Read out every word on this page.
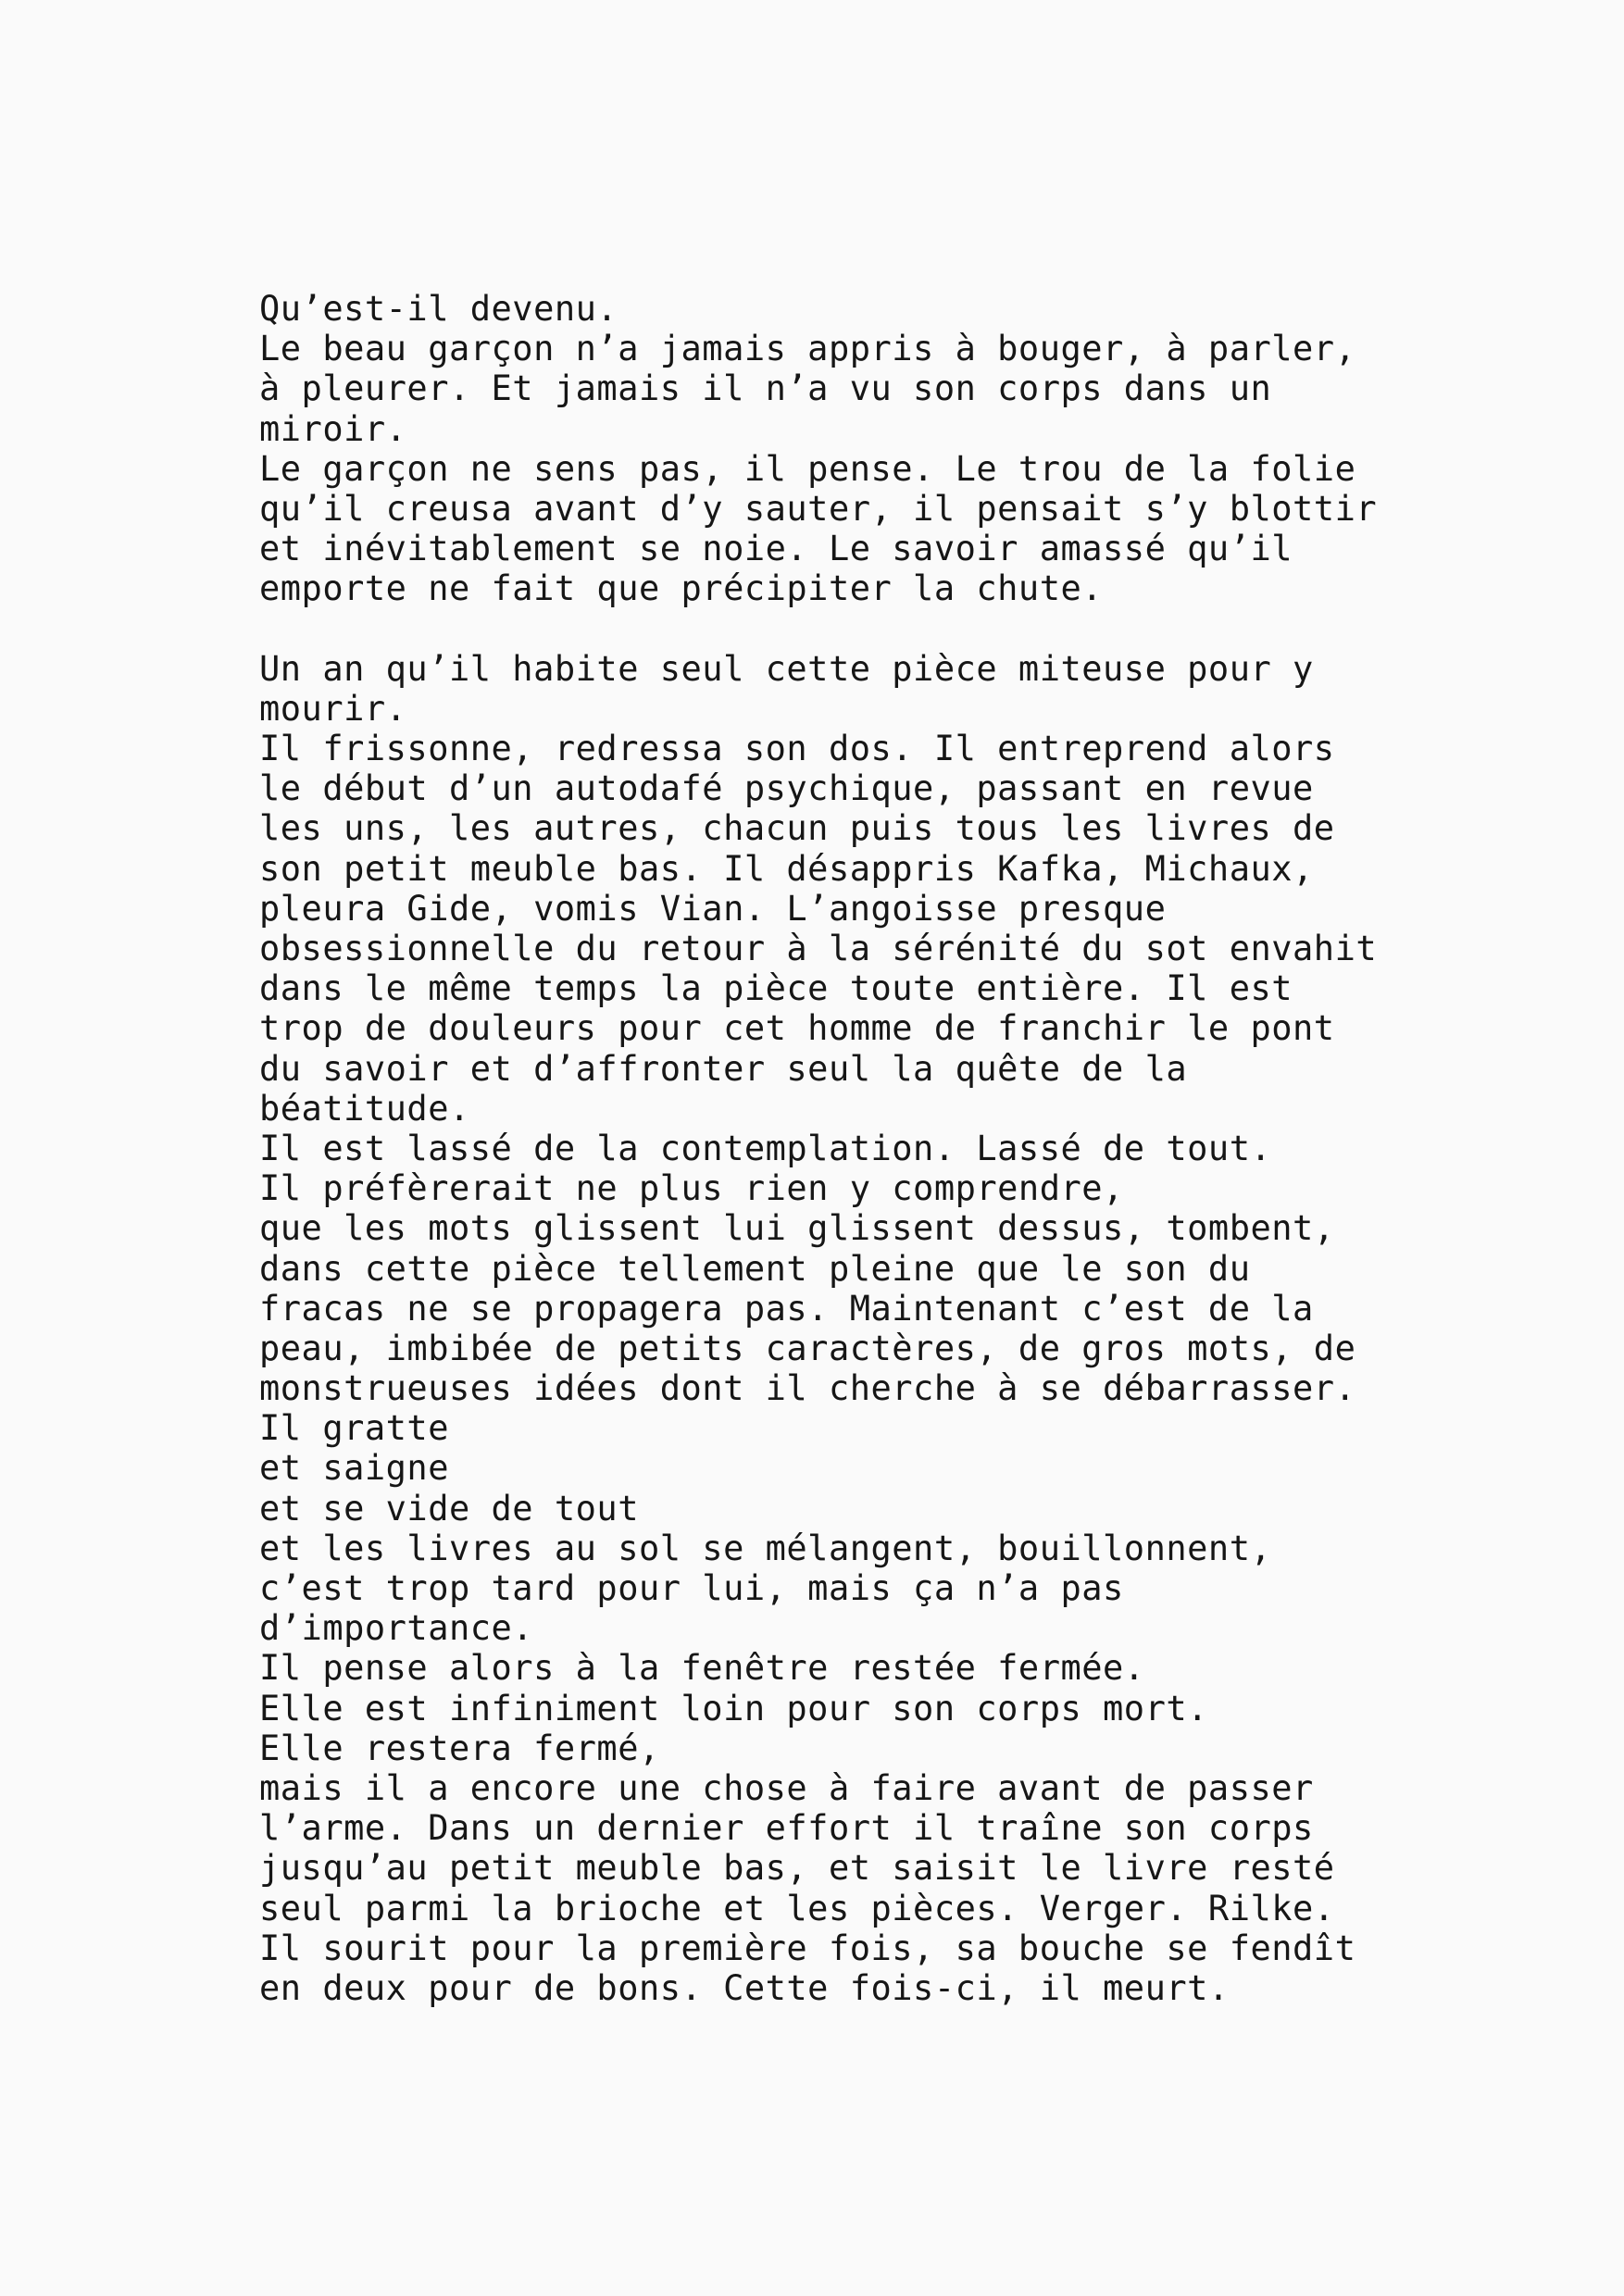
Qu’est-il devenu.
Le beau garçon n’a jamais appris à bouger, à parler,
à pleurer. Et jamais il n’a vu son corps dans un
miroir.
Le garçon ne sens pas, il pense. Le trou de la folie
qu’il creusa avant d’y sauter, il pensait s’y blottir
et inévitablement se noie. Le savoir amassé qu’il
emporte ne fait que précipiter la chute.
Un an qu’il habite seul cette pièce miteuse pour y
mourir.
Il frissonne, redressa son dos. Il entreprend alors
le début d’un autodafé psychique, passant en revue
les uns, les autres, chacun puis tous les livres de
son petit meuble bas. Il désappris Kafka, Michaux,
pleura Gide, vomis Vian. L’angoisse presque
obsessionnelle du retour à la sérénité du sot envahit
dans le même temps la pièce toute entière. Il est
trop de douleurs pour cet homme de franchir le pont
du savoir et d’affronter seul la quête de la
béatitude.
Il est lassé de la contemplation. Lassé de tout.
Il préfèrerait ne plus rien y comprendre,
que les mots glissent lui glissent dessus, tombent,
dans cette pièce tellement pleine que le son du
fracas ne se propagera pas. Maintenant c’est de la
peau, imbibée de petits caractères, de gros mots, de
monstrueuses idées dont il cherche à se débarrasser.
Il gratte
et saigne
et se vide de tout
et les livres au sol se mélangent, bouillonnent,
c’est trop tard pour lui, mais ça n’a pas
d’importance.
Il pense alors à la fenêtre restée fermée.
Elle est infiniment loin pour son corps mort.
Elle restera fermé,
mais il a encore une chose à faire avant de passer
l’arme. Dans un dernier effort il traîne son corps
jusqu’au petit meuble bas, et saisit le livre resté
seul parmi la brioche et les pièces. Verger. Rilke.
Il sourit pour la première fois, sa bouche se fendît
en deux pour de bons. Cette fois-ci, il meurt.
